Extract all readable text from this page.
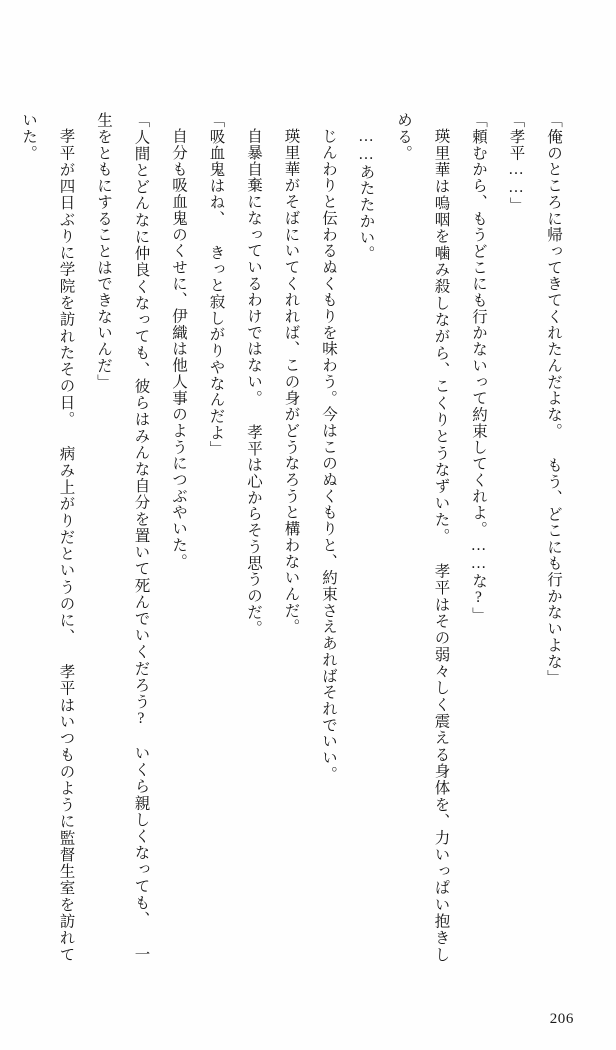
「俺のところに帰ってきてくれたんだよな。 もう、どこにも行かないよな」

「孝平……」

「頼むから、もうどこにも行かないって約束してくれよ。……な?」

瑛里華は嗚咽を噛み殺しながら、こくりとうなずいた。 孝平はその弱々しく震える身体を、力いっぱい抱きしめる。

……あたたかい。

じんわりと伝わるぬくもりを味わう。今はこのぬくもりと、約束さえあればそれでいい。

瑛里華がそばにいてくれれば、この身がどうなろうと構わないんだ。

自暴自棄になっているわけではない。 孝平は心からそう思うのだ。

「吸血鬼はね、 きっと寂しがりやなんだよ」

自分も吸血鬼のくせに、伊織は他人事のようにつぶやいた。

「人間とどんなに仲良くなっても、彼らはみんな自分を置いて死んでいくだろう?　いくら親しくなっても、 一生をともにすることはできないんだ」

孝平が四日ぶりに学院を訪れたその日。 病み上がりだというのに、 孝平はいつものように監督生室を訪れていた。

206
